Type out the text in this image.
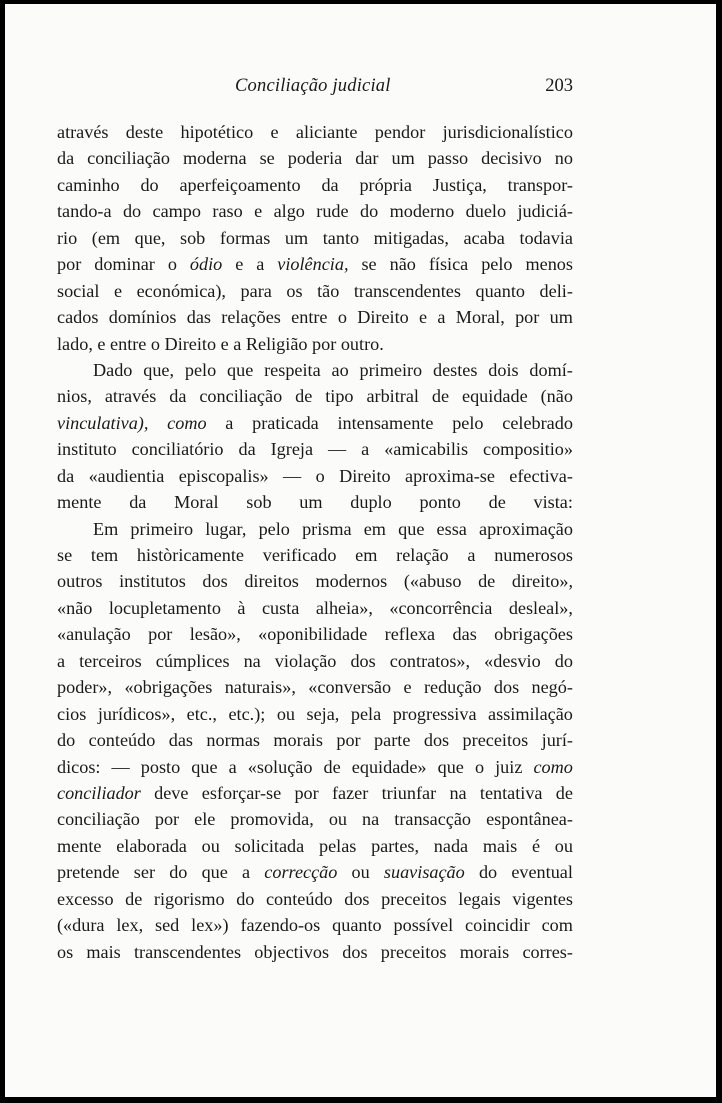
Conciliação judicial	203
através deste hipotético e aliciante pendor jurisdicionalístico
da conciliação moderna se poderia dar um passo decisivo no
caminho do aperfeiçoamento da própria Justiça, transpor-
tando-a do campo raso e algo rude do moderno duelo judiciá-
rio (em que, sob formas um tanto mitigadas, acaba todavia
por dominar o ódio e a violência, se não física pelo menos
social e económica), para os tão transcendentes quanto deli-
cados domínios das relações entre o Direito e a Moral, por um
lado, e entre o Direito e a Religião por outro.
Dado que, pelo que respeita ao primeiro destes dois domí-
nios, através da conciliação de tipo arbitral de equidade (não
vinculativa), como a praticada intensamente pelo celebrado
instituto conciliatório da Igreja — a «amicabilis compositio»
da «audientia episcopalis» — o Direito aproxima-se efectiva-
mente da Moral sob um duplo ponto de vista:
Em primeiro lugar, pelo prisma em que essa aproximação
se tem històricamente verificado em relação a numerosos
outros institutos dos direitos modernos («abuso de direito»,
«não locupletamento à custa alheia», «concorrência desleal»,
«anulação por lesão», «oponibilidade reflexa das obrigações
a terceiros cúmplices na violação dos contratos», «desvio do
poder», «obrigações naturais», «conversão e redução dos negó-
cios jurídicos», etc., etc.); ou seja, pela progressiva assimilação
do conteúdo das normas morais por parte dos preceitos jurí-
dicos: — posto que a «solução de equidade» que o juiz como
conciliador deve esforçar-se por fazer triunfar na tentativa de
conciliação por ele promovida, ou na transacção espontânea-
mente elaborada ou solicitada pelas partes, nada mais é ou
pretende ser do que a correcção ou suavisação do eventual
excesso de rigorismo do conteúdo dos preceitos legais vigentes
(«dura lex, sed lex») fazendo-os quanto possível coincidir com
os mais transcendentes objectivos dos preceitos morais corres-
